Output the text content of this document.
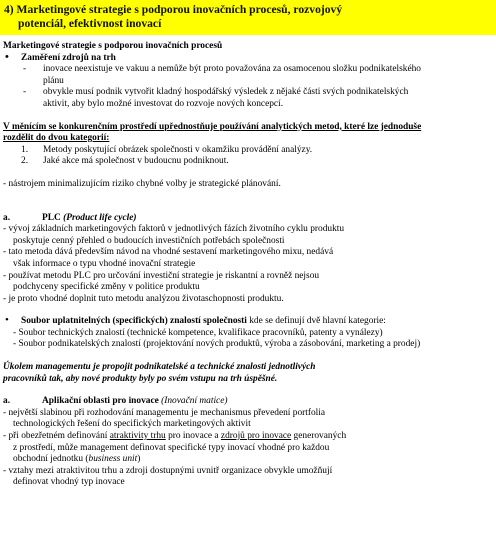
4) Marketingové strategie s podporou inovačních procesů, rozvojový
potenciál, efektivnost inovací

Marketingové strategie s podporou inovačních procesů

• Zaměření zdrojů na trh

- inovace neexistuje ve vakuu a nemůže být proto považována za osamocenou složku podnikatelského

plánu

- obvykle musí podnik vytvořit kladný hospodářský výsledek z nějaké části svých podnikatelských

aktivit, aby bylo možné investovat do rozvoje nových koncepcí.

V měnícím se konkurenčním prostředí upřednostňuje používání analytických metod, které lze jednoduše

rozdělit do dvou kategorií:

1. Metody poskytující obrázek společnosti v okamžiku provádění analýzy.

2. Jaké akce má společnost v budoucnu podniknout.

- nástrojem minimalizujícím riziko chybné volby je strategické plánování.

a.	PLC (Product life cycle)

- vývoj základních marketingových faktorů v jednotlivých fázích životního cyklu produktu

poskytuje cenný přehled o budoucích investičních potřebách společnosti

- tato metoda dává především návod na vhodné sestavení marketingového mixu, nedává

však informace o typu vhodné inovační strategie

- používat metodu PLC pro určování investiční strategie je riskantní a rovněž nejsou

podchyceny specifické změny v politice produktu

- je proto vhodné doplnit tuto metodu analýzou životaschopnosti produktu.

• Soubor uplatnitelných (specifických) znalostí společnosti kde se definují dvě hlavní kategorie:

- Soubor technických znalostí (technické kompetence, kvalifikace pracovníků, patenty a vynálezy)

- Soubor podnikatelských znalostí (projektování nových produktů, výroba a zásobování, marketing a prodej)

Úkolem managementu je propojit podnikatelské a technické znalosti jednotlivých

pracovníků tak, aby nové produkty byly po svém vstupu na trh úspěšné.

a.	Aplikační oblasti pro inovace (Inovační matice)

- největší slabinou při rozhodování managementu je mechanismus převedení portfolia

technologických řešení do specifických marketingových aktivit

- při obezřetném definování atraktivity trhu pro inovace a zdrojů pro inovace generovaných

z prostředí, může management definovat specifické typy inovací vhodné pro každou

obchodní jednotku (business unit)

- vztahy mezi atraktivitou trhu a zdroji dostupnými uvnitř organizace obvykle umožňují

definovat vhodný typ inovace
